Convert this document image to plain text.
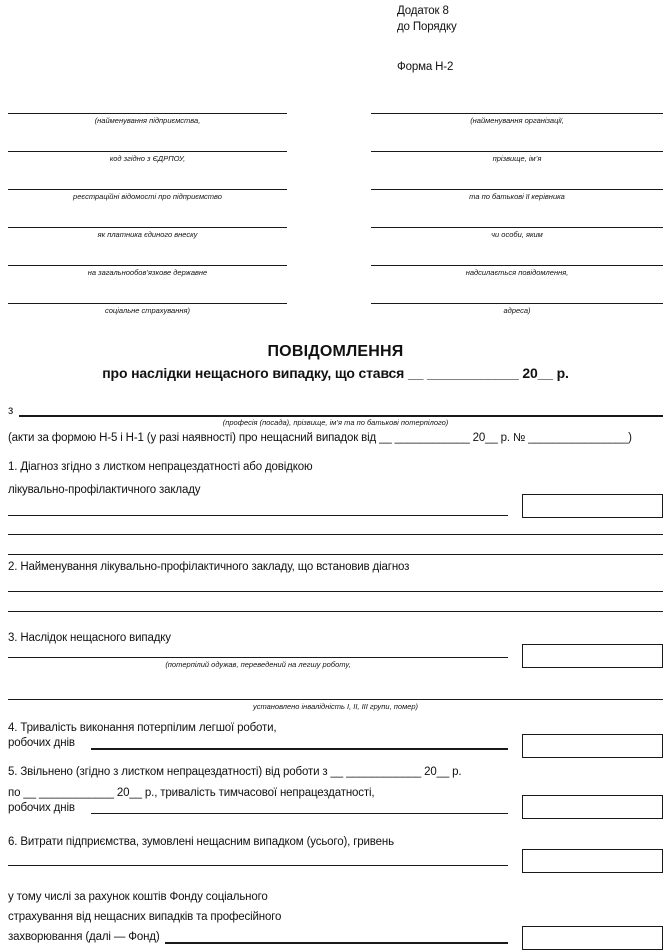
Додаток 8
до Порядку
Форма Н-2
(найменування підприємства,	(найменування організації,
код згідно з ЄДРПОУ,	прізвище, ім’я
реєстраційні відомості про підприємство	та по батькові її керівника
як платника єдиного внеску	чи особи, яким
на загальнообов’язкове державне	надсилається повідомлення,
соціальне страхування)	адреса)
ПОВІДОМЛЕННЯ
про наслідки нещасного випадку, що стався __ ____________ 20__ р.
з
(професія (посада), прізвище, ім’я та по батькові потерпілого)
(акти за формою Н-5 і Н-1 (у разі наявності) про нещасний випадок від __ ____________ 20__ р. № ________________)
1. Діагноз згідно з листком непрацездатності або довідкою
лікувально-профілактичного закладу
2. Найменування лікувально-профілактичного закладу, що встановив діагноз
3. Наслідок нещасного випадку
(потерпілий одужав, переведений на легшу роботу,
установлено інвалідність І, ІІ, ІІІ групи, помер)
4. Тривалість виконання потерпілим легшої роботи,
робочих днів
5. Звільнено (згідно з листком непрацездатності) від роботи з __ ____________ 20__ р.
по __ ____________ 20__ р., тривалість тимчасової непрацездатності,
робочих днів
6. Витрати підприємства, зумовлені нещасним випадком (усього), гривень
у тому числі за рахунок коштів Фонду соціального
страхування від нещасних випадків та професійного
захворювання (далі — Фонд)
